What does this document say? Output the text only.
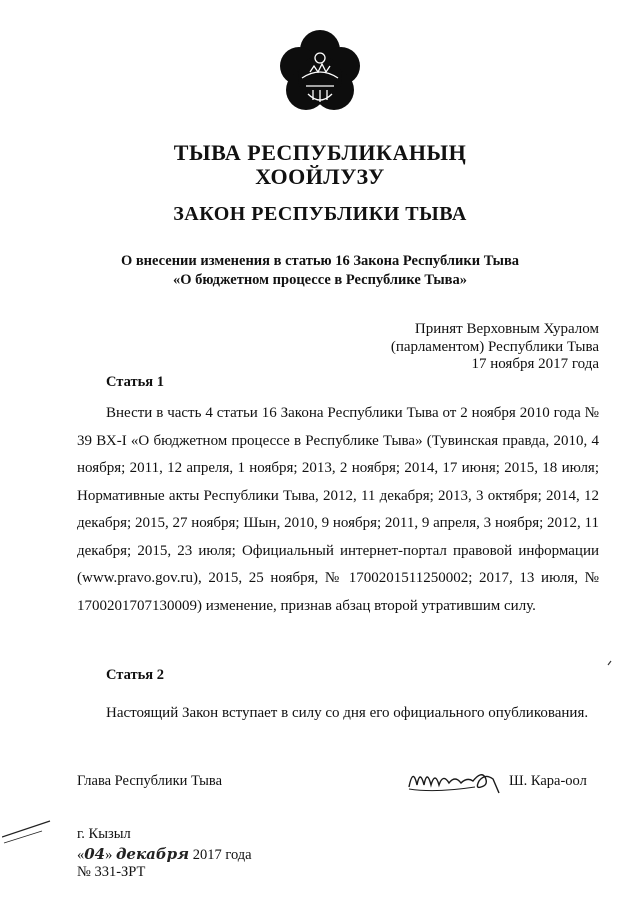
ТЫВА РЕСПУБЛИКАНЫҢ
ХООЙЛУЗУ
ЗАКОН РЕСПУБЛИКИ ТЫВА
О внесении изменения в статью 16 Закона Республики Тыва
«О бюджетном процессе в Республике Тыва»
Принят Верховным Хуралом
(парламентом) Республики Тыва
17 ноября 2017 года
Статья 1

Внести в часть 4 статьи 16 Закона Республики Тыва от 2 ноября 2010 года № 39 ВХ-I «О бюджетном процессе в Республике Тыва» (Тувинская правда, 2010, 4 ноября; 2011, 12 апреля, 1 ноября; 2013, 2 ноября; 2014, 17 июня; 2015, 18 июля; Нормативные акты Республики Тыва, 2012, 11 декабря; 2013, 3 октября; 2014, 12 декабря; 2015, 27 ноября; Шын, 2010, 9 ноября; 2011, 9 апреля, 3 ноября; 2012, 11 декабря; 2015, 23 июля; Официальный интернет-портал правовой информации (www.pravo.gov.ru), 2015, 25 ноября, № 1700201511250002; 2017, 13 июля, № 1700201707130009) изменение, признав абзац второй утратившим силу.

Статья 2

Настоящий Закон вступает в силу со дня его официального опубликования.

Глава Республики Тыва	Ш. Кара-оол
г. Кызыл
«04» декабря 2017 года
№ 331-ЗРТ
